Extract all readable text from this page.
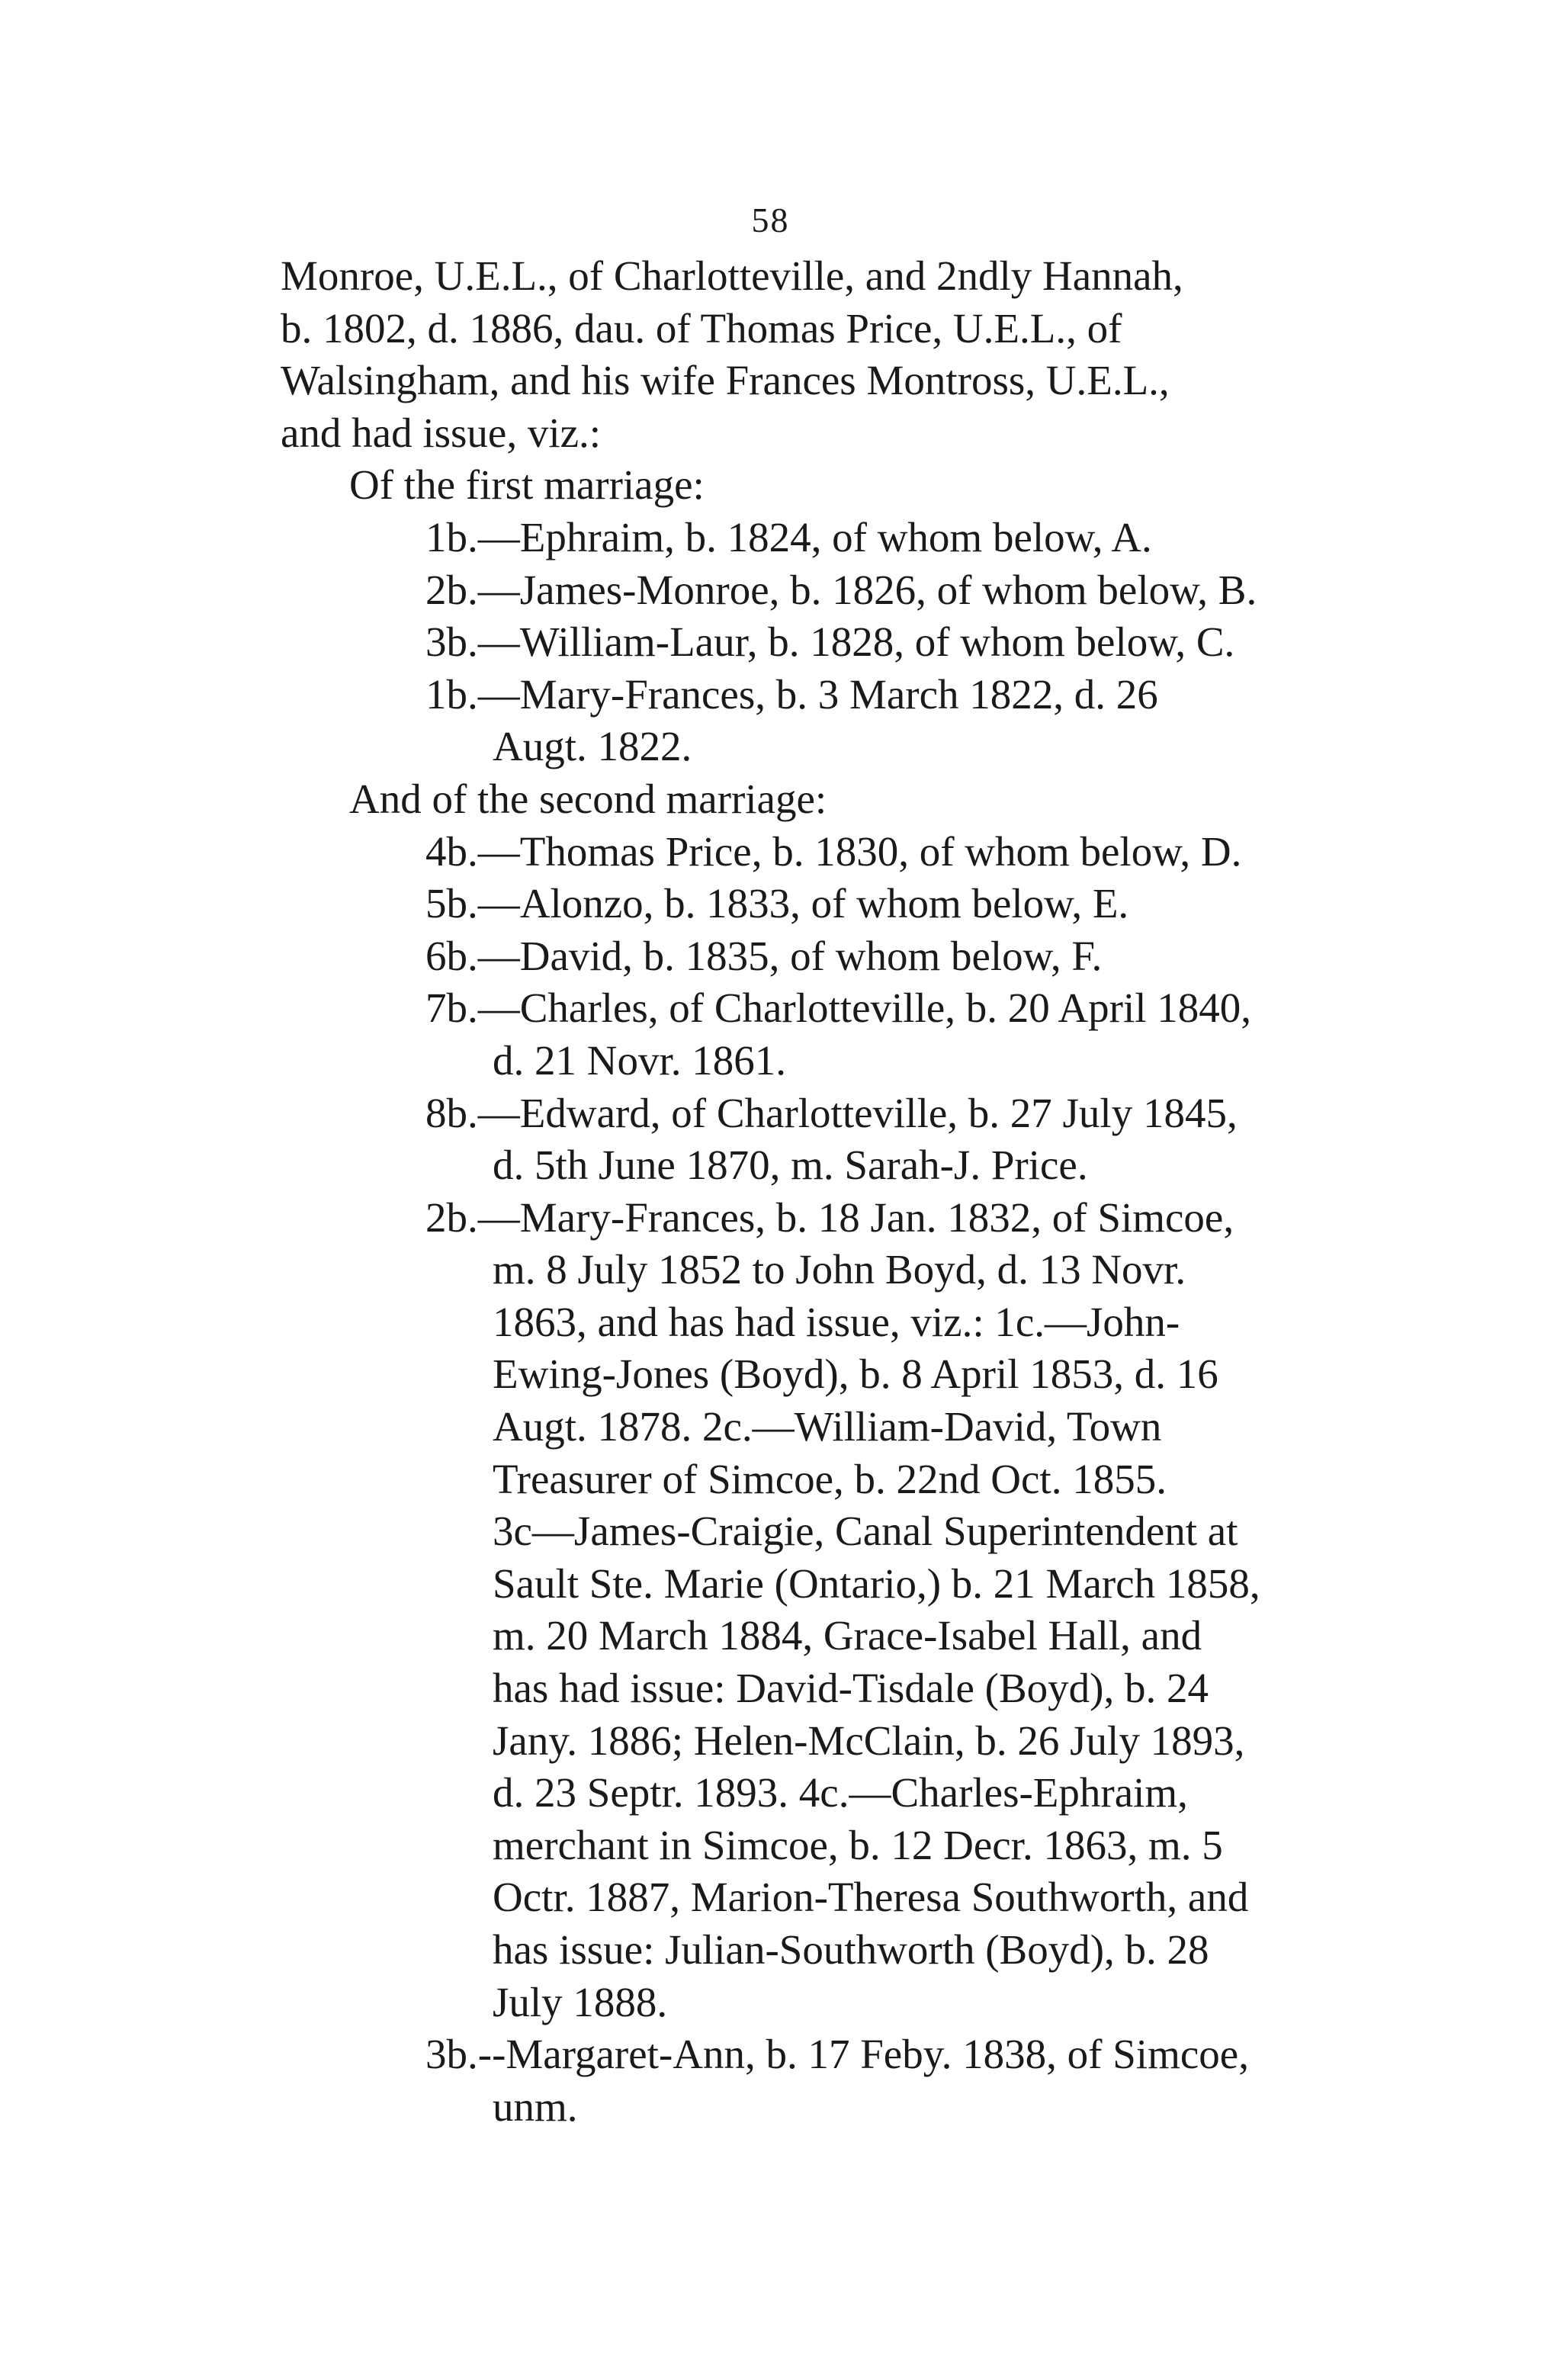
58
Monroe, U.E.L., of Charlotteville, and 2ndly Hannah,
b. 1802, d. 1886, dau. of Thomas Price, U.E.L., of
Walsingham, and his wife Frances Montross, U.E.L.,
and had issue, viz.:
Of the first marriage:
1b.—Ephraim, b. 1824, of whom below, A.
2b.—James-Monroe, b. 1826, of whom below, B.
3b.—William-Laur, b. 1828, of whom below, C.
1b.—Mary-Frances, b. 3 March 1822, d. 26
Augt. 1822.
And of the second marriage:
4b.—Thomas Price, b. 1830, of whom below, D.
5b.—Alonzo, b. 1833, of whom below, E.
6b.—David, b. 1835, of whom below, F.
7b.—Charles, of Charlotteville, b. 20 April 1840,
d. 21 Novr. 1861.
8b.—Edward, of Charlotteville, b. 27 July 1845,
d. 5th June 1870, m. Sarah-J. Price.
2b.—Mary-Frances, b. 18 Jan. 1832, of Simcoe,
m. 8 July 1852 to John Boyd, d. 13 Novr.
1863, and has had issue, viz.: 1c.—John-
Ewing-Jones (Boyd), b. 8 April 1853, d. 16
Augt. 1878. 2c.—William-David, Town
Treasurer of Simcoe, b. 22nd Oct. 1855.
3c—James-Craigie, Canal Superintendent at
Sault Ste. Marie (Ontario,) b. 21 March 1858,
m. 20 March 1884, Grace-Isabel Hall, and
has had issue: David-Tisdale (Boyd), b. 24
Jany. 1886; Helen-McClain, b. 26 July 1893,
d. 23 Septr. 1893. 4c.—Charles-Ephraim,
merchant in Simcoe, b. 12 Decr. 1863, m. 5
Octr. 1887, Marion-Theresa Southworth, and
has issue: Julian-Southworth (Boyd), b. 28
July 1888.
3b.--Margaret-Ann, b. 17 Feby. 1838, of Simcoe,
unm.
